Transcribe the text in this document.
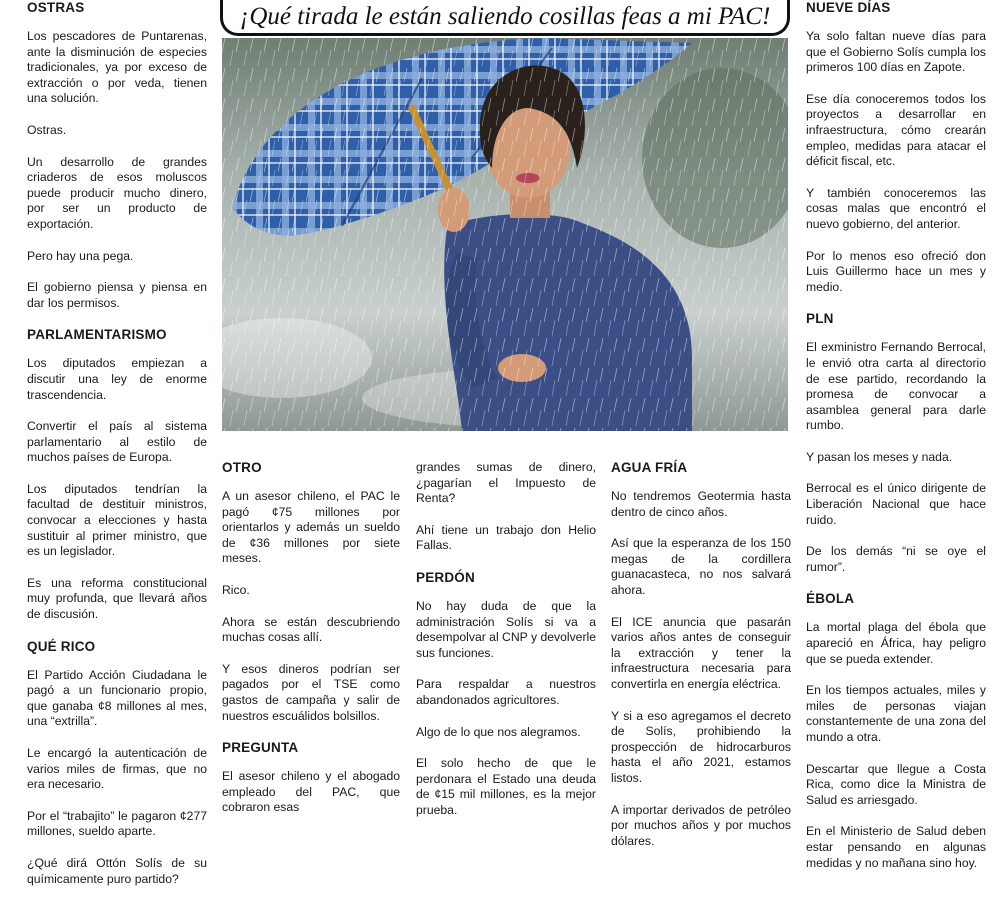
¡Qué tirada le están saliendo cosillas feas a mi PAC!
OSTRAS

Los pescadores de Puntarenas, ante la disminución de especies tradicionales, ya por exceso de extracción o por veda, tienen una solución.

Ostras.

Un desarrollo de grandes criaderos de esos moluscos puede producir mucho dinero, por ser un producto de exportación.

Pero hay una pega.

El gobierno piensa y piensa en dar los permisos.

PARLAMENTARISMO

Los diputados empiezan a discutir una ley de enorme trascendencia.

Convertir el país al sistema parlamentario al estilo de muchos países de Europa.

Los diputados tendrían la facultad de destituir ministros, convocar a elecciones y hasta sustituir al primer ministro, que es un legislador.

Es una reforma constitucional muy profunda, que llevará años de discusión.

QUÉ RICO

El Partido Acción Ciudadana le pagó a un funcionario propio, que ganaba ¢8 millones al mes, una “extrilla”.

Le encargó la autenticación de varios miles de firmas, que no era necesario.

Por el “trabajito” le pagaron ¢277 millones, sueldo aparte.

¿Qué dirá Ottón Solís de su químicamente puro partido?

OTRO

A un asesor chileno, el PAC le pagó ¢75 millones por orientarlos y además un sueldo de ¢36 millones por siete meses.

Rico.

Ahora se están descubriendo muchas cosas allí.

Y esos dineros podrían ser pagados por el TSE como gastos de campaña y salir de nuestros escuálidos bolsillos.

PREGUNTA

El asesor chileno y el abogado empleado del PAC, que cobraron esas

grandes sumas de dinero, ¿pagarían el Impuesto de Renta?

Ahí tiene un trabajo don Helio Fallas.

PERDÓN

No hay duda de que la administración Solís si va a desempolvar al CNP y devolverle sus funciones.

Para respaldar a nuestros abandonados agricultores.

Algo de lo que nos alegramos.

El solo hecho de que le perdonara el Estado una deuda de ¢15 mil millones, es la mejor prueba.

AGUA FRÍA

No tendremos Geotermia hasta dentro de cinco años.

Así que la esperanza de los 150 megas de la cordillera guanacasteca, no nos salvará ahora.

El ICE anuncia que pasarán varios años antes de conseguir la extracción y tener la infraestructura necesaria para convertirla en energía eléctrica.

Y si a eso agregamos el decreto de Solís, prohibiendo la prospección de hidrocarburos hasta el año 2021, estamos listos.

A importar derivados de petróleo por muchos años y por muchos dólares.

NUEVE DÍAS

Ya solo faltan nueve días para que el Gobierno Solís cumpla los primeros 100 días en Zapote.

Ese día conoceremos todos los proyectos a desarrollar en infraestructura, cómo crearán empleo, medidas para atacar el déficit fiscal, etc.

Y también conoceremos las cosas malas que encontró el nuevo gobierno, del anterior.

Por lo menos eso ofreció don Luis Guillermo hace un mes y medio.

PLN

El exministro Fernando Berrocal, le envió otra carta al directorio de ese partido, recordando la promesa de convocar a asamblea general para darle rumbo.

Y pasan los meses y nada.

Berrocal es el único dirigente de Liberación Nacional que hace ruido.

De los demás “ni se oye el rumor”.

ÉBOLA

La mortal plaga del ébola que apareció en África, hay peligro que se pueda extender.

En los tiempos actuales, miles y miles de personas viajan constantemente de una zona del mundo a otra.

Descartar que llegue a Costa Rica, como dice la Ministra de Salud es arriesgado.

En el Ministerio de Salud deben estar pensando en algunas medidas y no mañana sino hoy.
